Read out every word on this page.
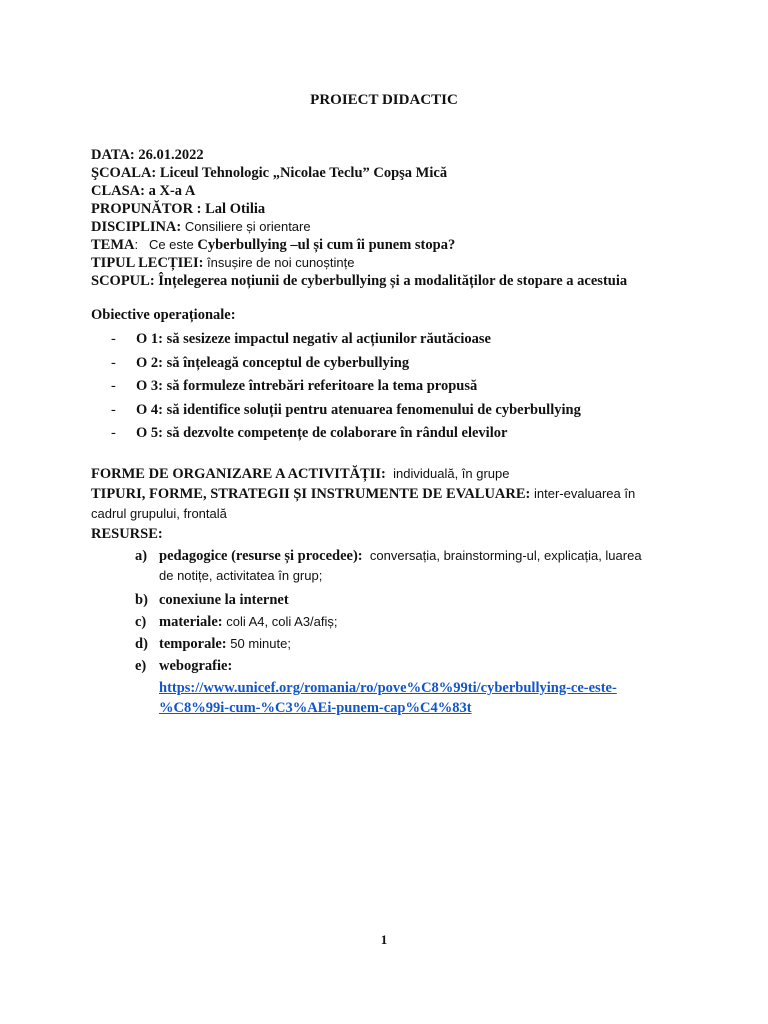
PROIECT DIDACTIC
DATA: 26.01.2022
ŞCOALA: Liceul Tehnologic „Nicolae Teclu” Copşa Mică
CLASA: a X-a A
PROPUNĂTOR : Lal Otilia
DISCIPLINA: Consiliere și orientare
TEMA:   Ce este Cyberbullying –ul și cum îi punem stopa?
TIPUL LECȚIEI: însușire de noi cunoștințe
SCOPUL: Înțelegerea noțiunii de cyberbullying și a modalităților de stopare a acestuia
Obiective operaționale:
- O 1: să sesizeze impactul negativ al acțiunilor răutăcioase
- O 2: să înțeleagă conceptul de cyberbullying
- O 3: să formuleze întrebări referitoare la tema propusă
- O 4: să identifice soluții pentru atenuarea fenomenului de cyberbullying
- O 5: să dezvolte competențe de colaborare în rândul elevilor
FORME DE ORGANIZARE A ACTIVITĂȚII: individuală, în grupe
TIPURI, FORME, STRATEGII ȘI INSTRUMENTE DE EVALUARE: inter-evaluarea în
cadrul grupului, frontală
RESURSE:
a) pedagogice (resurse și procedee): conversația, brainstorming-ul, explicația, luarea
de notițe, activitatea în grup;
b) conexiune la internet
c) materiale: coli A4, coli A3/afiș;
d) temporale: 50 minute;
e) webografie:
https://www.unicef.org/romania/ro/pove%C8%99ti/cyberbullying-ce-este-
%C8%99i-cum-%C3%AEi-punem-cap%C4%83t
1
